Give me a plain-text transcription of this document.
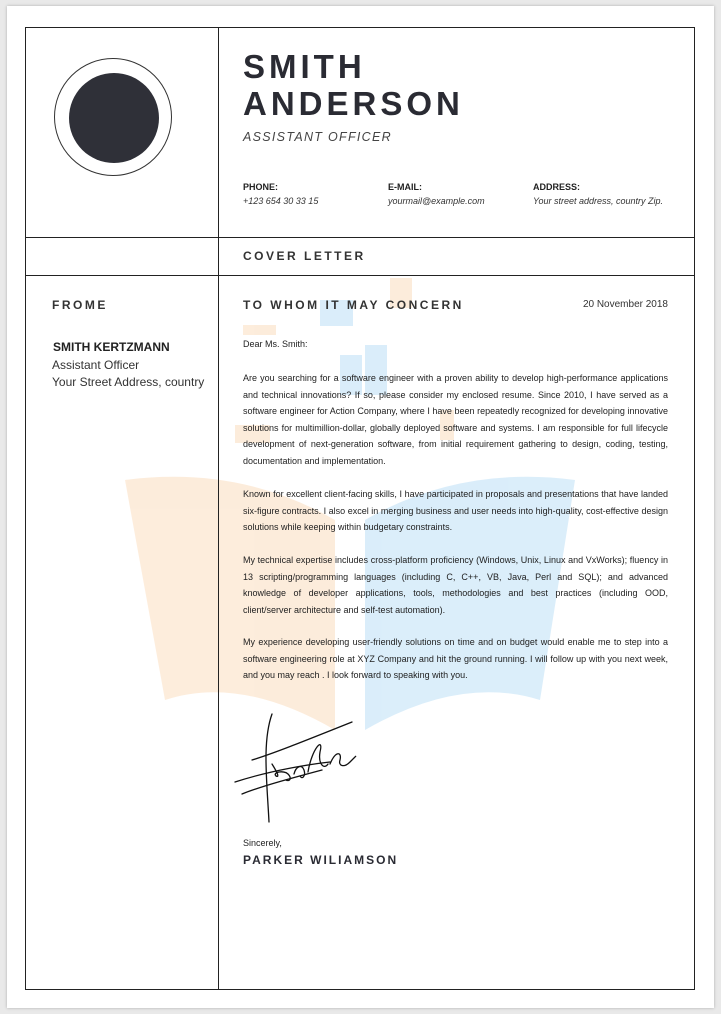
SMITH
ANDERSON
ASSISTANT OFFICER
PHONE:
+123 654 30 33 15
E-MAIL:
yourmail@example.com
ADDRESS:
Your street address, country Zip.
COVER LETTER
FROME
SMITH KERTZMANN
Assistant Officer
Your Street Address, country
TO WHOM IT MAY CONCERN	20 November 2018
Dear Ms. Smith:
Are you searching for a software engineer with a proven ability to develop high-performance applications and technical innovations? If so, please consider my enclosed resume. Since 2010, I have served as a software engineer for Action Company, where I have been repeatedly recognized for developing innovative solutions for multimillion-dollar, globally deployed software and systems. I am responsible for full lifecycle development of next-generation software, from initial requirement gathering to design, coding, testing, documentation and implementation.
Known for excellent client-facing skills, I have participated in proposals and presentations that have landed six-figure contracts. I also excel in merging business and user needs into high-quality, cost-effective design solutions while keeping within budgetary constraints.
My technical expertise includes cross-platform proficiency (Windows, Unix, Linux and VxWorks); fluency in 13 scripting/programming languages (including C, C++, VB, Java, Perl and SQL); and advanced knowledge of developer applications, tools, methodologies and best practices (including OOD, client/server architecture and self-test automation).
My experience developing user-friendly solutions on time and on budget would enable me to step into a software engineering role at XYZ Company and hit the ground running. I will follow up with you next week, and you may reach . I look forward to speaking with you.
Sincerely,
PARKER WILIAMSON
